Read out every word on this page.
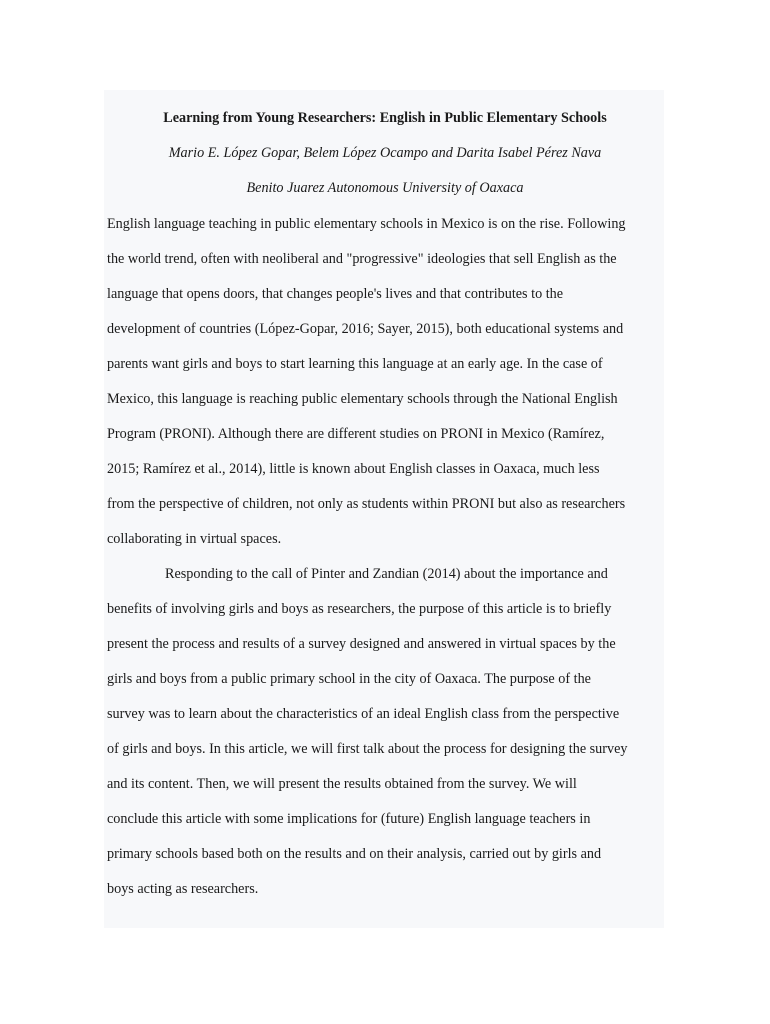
Learning from Young Researchers: English in Public Elementary Schools
Mario E. López Gopar, Belem López Ocampo and Darita Isabel Pérez Nava
Benito Juarez Autonomous University of Oaxaca
English language teaching in public elementary schools in Mexico is on the rise. Following
the world trend, often with neoliberal and "progressive" ideologies that sell English as the
language that opens doors, that changes people's lives and that contributes to the
development of countries (López-Gopar, 2016; Sayer, 2015), both educational systems and
parents want girls and boys to start learning this language at an early age. In the case of
Mexico, this language is reaching public elementary schools through the National English
Program (PRONI). Although there are different studies on PRONI in Mexico (Ramírez,
2015; Ramírez et al., 2014), little is known about English classes in Oaxaca, much less
from the perspective of children, not only as students within PRONI but also as researchers
collaborating in virtual spaces.
Responding to the call of Pinter and Zandian (2014) about the importance and
benefits of involving girls and boys as researchers, the purpose of this article is to briefly
present the process and results of a survey designed and answered in virtual spaces by the
girls and boys from a public primary school in the city of Oaxaca. The purpose of the
survey was to learn about the characteristics of an ideal English class from the perspective
of girls and boys. In this article, we will first talk about the process for designing the survey
and its content. Then, we will present the results obtained from the survey. We will
conclude this article with some implications for (future) English language teachers in
primary schools based both on the results and on their analysis, carried out by girls and
boys acting as researchers.
